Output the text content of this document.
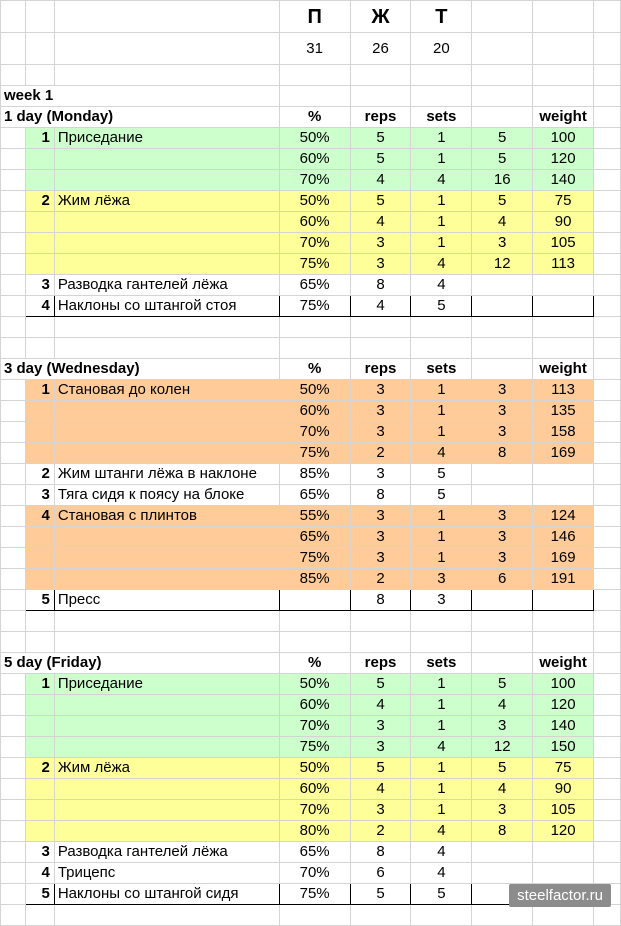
			П	Ж	Т			
			31	26	20			

week 1								
1 day (Monday)			%	reps	sets		weight	
	1	Приседание	50%	5	1	5	100	
			60%	5	1	5	120	
			70%	4	4	16	140	
	2	Жим лёжа	50%	5	1	5	75	
			60%	4	1	4	90	
			70%	3	1	3	105	
			75%	3	4	12	113	
	3	Разводка гантелей лёжа	65%	8	4			
	4	Наклоны со штангой стоя	75%	4	5			

3 day (Wednesday)			%	reps	sets		weight	
	1	Становая до колен	50%	3	1	3	113	
			60%	3	1	3	135	
			70%	3	1	3	158	
			75%	2	4	8	169	
	2	Жим штанги лёжа в наклоне	85%	3	5			
	3	Тяга сидя к поясу на блоке	65%	8	5			
	4	Становая с плинтов	55%	3	1	3	124	
			65%	3	1	3	146	
			75%	3	1	3	169	
			85%	2	3	6	191	
	5	Пресс		8	3			

5 day (Friday)			%	reps	sets		weight	
	1	Приседание	50%	5	1	5	100	
			60%	4	1	4	120	
			70%	3	1	3	140	
			75%	3	4	12	150	
	2	Жим лёжа	50%	5	1	5	75	
			60%	4	1	4	90	
			70%	3	1	3	105	
			80%	2	4	8	120	
	3	Разводка гантелей лёжа	65%	8	4			
	4	Трицепс	70%	6	4			
	5	Наклоны со штангой сидя	75%	5	5			
									steelfactor.ru
